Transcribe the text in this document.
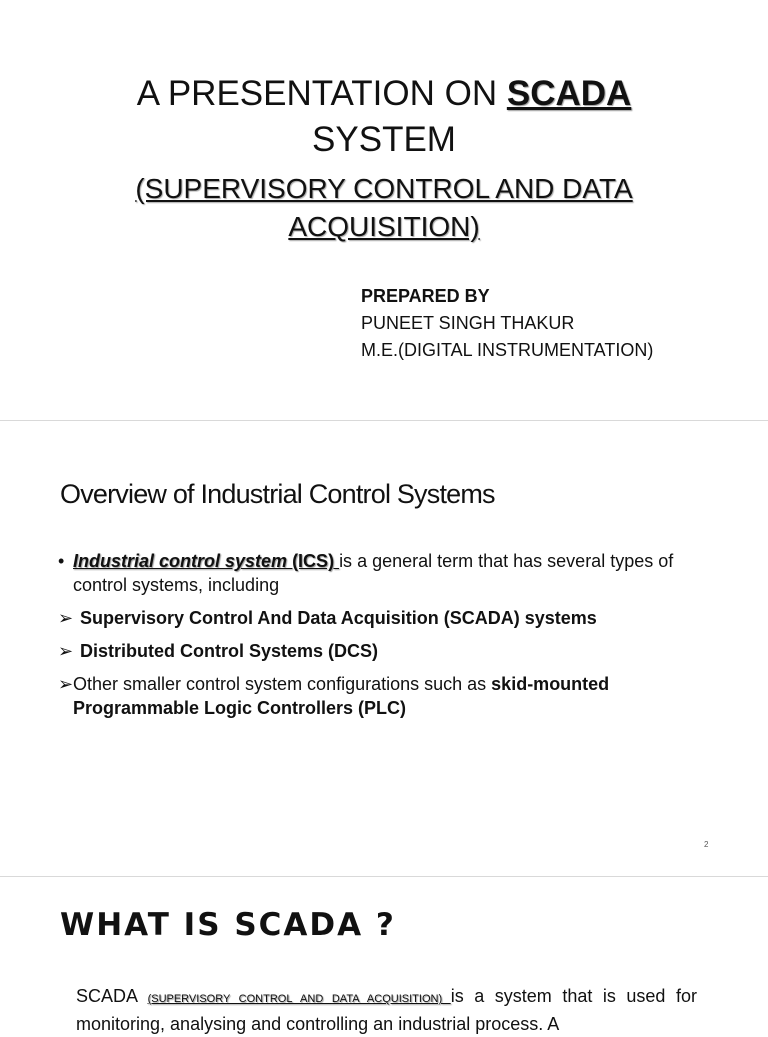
A PRESENTATION ON SCADA
SYSTEM
(SUPERVISORY CONTROL AND DATA
ACQUISITION)
PREPARED BY
PUNEET SINGH THAKUR
M.E.(DIGITAL INSTRUMENTATION)
Overview of Industrial Control Systems
• Industrial control system (ICS) is a general term that has several types of control systems, including
➢ Supervisory Control And Data Acquisition (SCADA) systems
➢ Distributed Control Systems (DCS)
➢ Other smaller control system configurations such as skid-mounted Programmable Logic Controllers (PLC)
2
WHAT IS SCADA ?
SCADA (SUPERVISORY CONTROL AND DATA ACQUISITION) is a system that is used for monitoring, analysing and controlling an industrial process. A
